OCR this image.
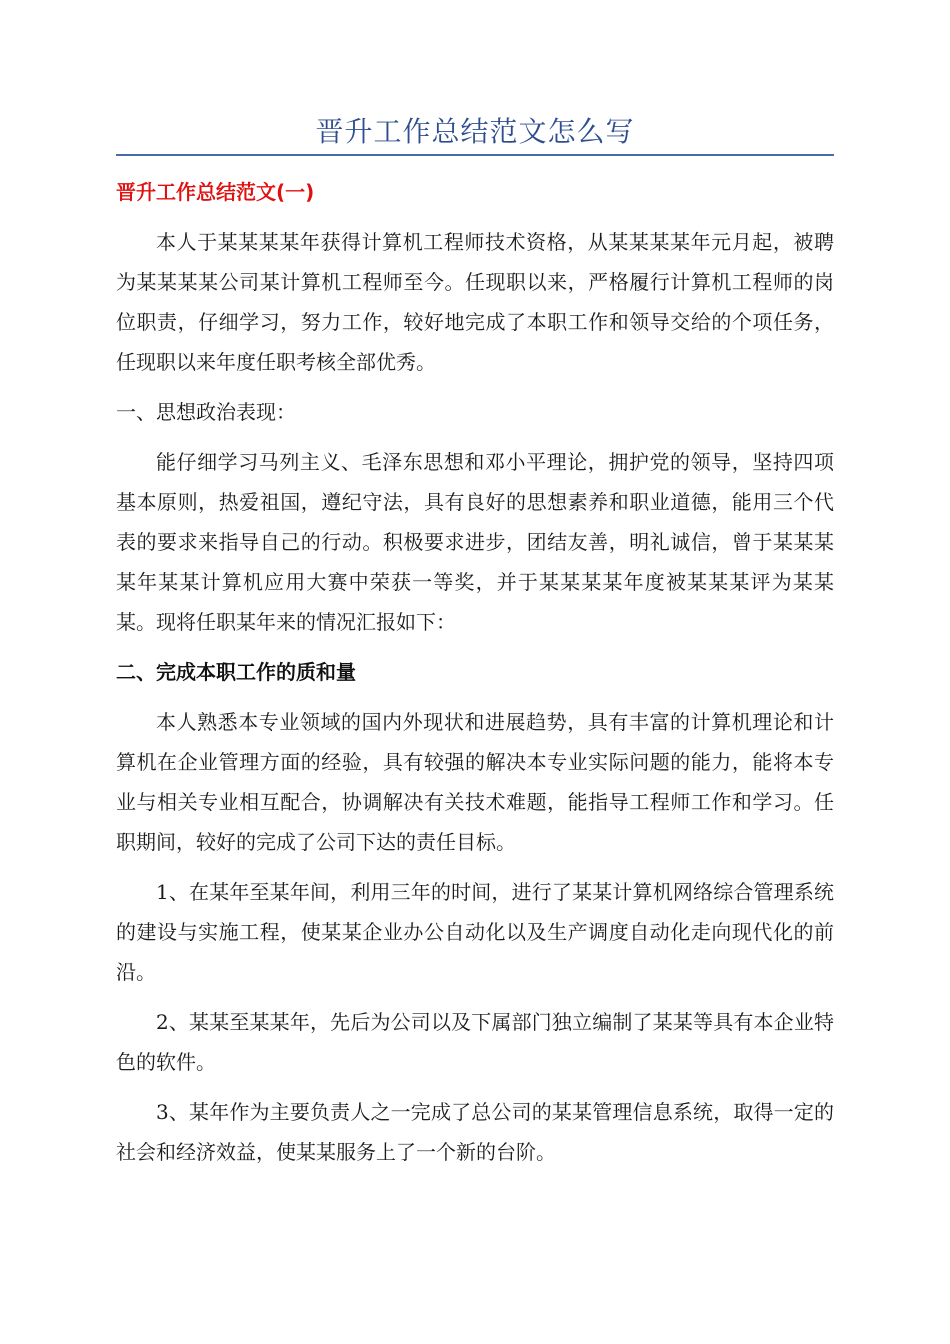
晋升工作总结范文怎么写
晋升工作总结范文(一)

本人于某某某某年获得计算机工程师技术资格，从某某某某年元月起，被聘为某某某某公司某计算机工程师至今。任现职以来，严格履行计算机工程师的岗位职责，仔细学习，努力工作，较好地完成了本职工作和领导交给的个项任务，任现职以来年度任职考核全部优秀。

一、思想政治表现：

能仔细学习马列主义、毛泽东思想和邓小平理论，拥护党的领导，坚持四项基本原则，热爱祖国，遵纪守法，具有良好的思想素养和职业道德，能用三个代表的要求来指导自己的行动。积极要求进步，团结友善，明礼诚信，曾于某某某某年某某计算机应用大赛中荣获一等奖，并于某某某某年度被某某某评为某某某。现将任职某年来的情况汇报如下：

二、完成本职工作的质和量

本人熟悉本专业领域的国内外现状和进展趋势，具有丰富的计算机理论和计算机在企业管理方面的经验，具有较强的解决本专业实际问题的能力，能将本专业与相关专业相互配合，协调解决有关技术难题，能指导工程师工作和学习。任职期间，较好的完成了公司下达的责任目标。

1、在某年至某年间，利用三年的时间，进行了某某计算机网络综合管理系统的建设与实施工程，使某某企业办公自动化以及生产调度自动化走向现代化的前沿。

2、某某至某某年，先后为公司以及下属部门独立编制了某某等具有本企业特色的软件。

3、某年作为主要负责人之一完成了总公司的某某管理信息系统，取得一定的社会和经济效益，使某某服务上了一个新的台阶。
